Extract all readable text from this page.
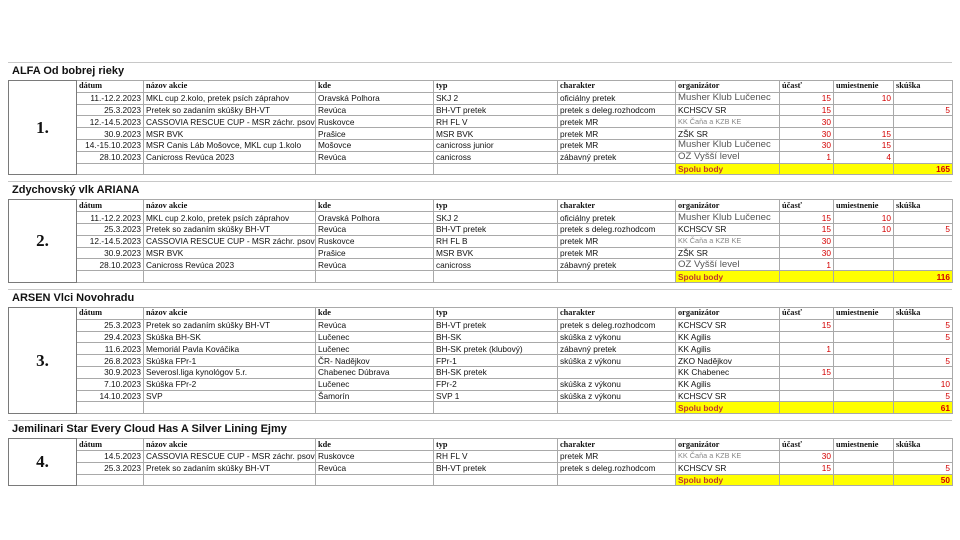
ALFA Od bobrej rieky
1.	dátum	názov akcie	kde	typ	charakter	organizátor	účasť	umiestnenie	skúška
	11.-12.2.2023	MKL cup 2.kolo, pretek psích záprahov	Oravská Polhora	SKJ 2	oficiálny pretek	Musher Klub Lučenec	15	10	
	25.3.2023	Pretek so zadaním skúšky BH-VT	Revúca	BH-VT pretek	pretek s deleg.rozhodcom	KCHSCV SR	15		5
	12.-14.5.2023	CASSOVIA RESCUE CUP - MSR záchr. psov	Ruskovce	RH FL V	pretek MR	KK Čaňa a KZB KE	30		
	30.9.2023	MSR BVK	Prašice	MSR BVK	pretek MR	ZŠK SR	30	15	
	14.-15.10.2023	MSR Canis Láb Mošovce, MKL cup 1.kolo	Mošovce	canicross junior	pretek MR	Musher Klub Lučenec	30	15	
	28.10.2023	Canicross Revúca 2023	Revúca	canicross	zábavný pretek	OZ Vyšší level	1	4	
						Spolu body			165
Zdychovský vlk ARIANA
2.	dátum	názov akcie	kde	typ	charakter	organizátor	účasť	umiestnenie	skúška
	11.-12.2.2023	MKL cup 2.kolo, pretek psích záprahov	Oravská Polhora	SKJ 2	oficiálny pretek	Musher Klub Lučenec	15	10	
	25.3.2023	Pretek so zadaním skúšky BH-VT	Revúca	BH-VT pretek	pretek s deleg.rozhodcom	KCHSCV SR	15	10	5
	12.-14.5.2023	CASSOVIA RESCUE CUP - MSR záchr. psov	Ruskovce	RH FL B	pretek MR	KK Čaňa a KZB KE	30		
	30.9.2023	MSR BVK	Prašice	MSR BVK	pretek MR	ZŠK SR	30		
	28.10.2023	Canicross Revúca 2023	Revúca	canicross	zábavný pretek	OZ Vyšší level	1		
						Spolu body			116
ARSEN Vlci Novohradu
3.	dátum	názov akcie	kde	typ	charakter	organizátor	účasť	umiestnenie	skúška
	25.3.2023	Pretek so zadaním skúšky BH-VT	Revúca	BH-VT pretek	pretek s deleg.rozhodcom	KCHSCV SR	15		5
	29.4.2023	Skúška BH-SK	Lučenec	BH-SK	skúška z výkonu	KK Agilis			5
	11.6.2023	Memoriál Pavla Kováčika	Lučenec	BH-SK pretek (klubový)	zábavný pretek	KK Agilis	1		
	26.8.2023	Skúška FPr-1	ČR- Nadějkov	FPr-1	skúška z výkonu	ZKO Nadějkov			5
	30.9.2023	Severosl.liga kynológov 5.r.	Chabenec Dúbrava	BH-SK pretek		KK Chabenec	15		
	7.10.2023	Skúška FPr-2	Lučenec	FPr-2	skúška z výkonu	KK Agilis			10
	14.10.2023	SVP	Šamorín	SVP 1	skúška z výkonu	KCHSCV SR			5
						Spolu body			61
Jemilinari Star Every Cloud Has A Silver Lining Ejmy
4.	dátum	názov akcie	kde	typ	charakter	organizátor	účasť	umiestnenie	skúška
	14.5.2023	CASSOVIA RESCUE CUP - MSR záchr. psov	Ruskovce	RH FL V	pretek MR	KK Čaňa a KZB KE	30		
	25.3.2023	Pretek so zadaním skúšky BH-VT	Revúca	BH-VT pretek	pretek s deleg.rozhodcom	KCHSCV SR	15		5
						Spolu body			50
